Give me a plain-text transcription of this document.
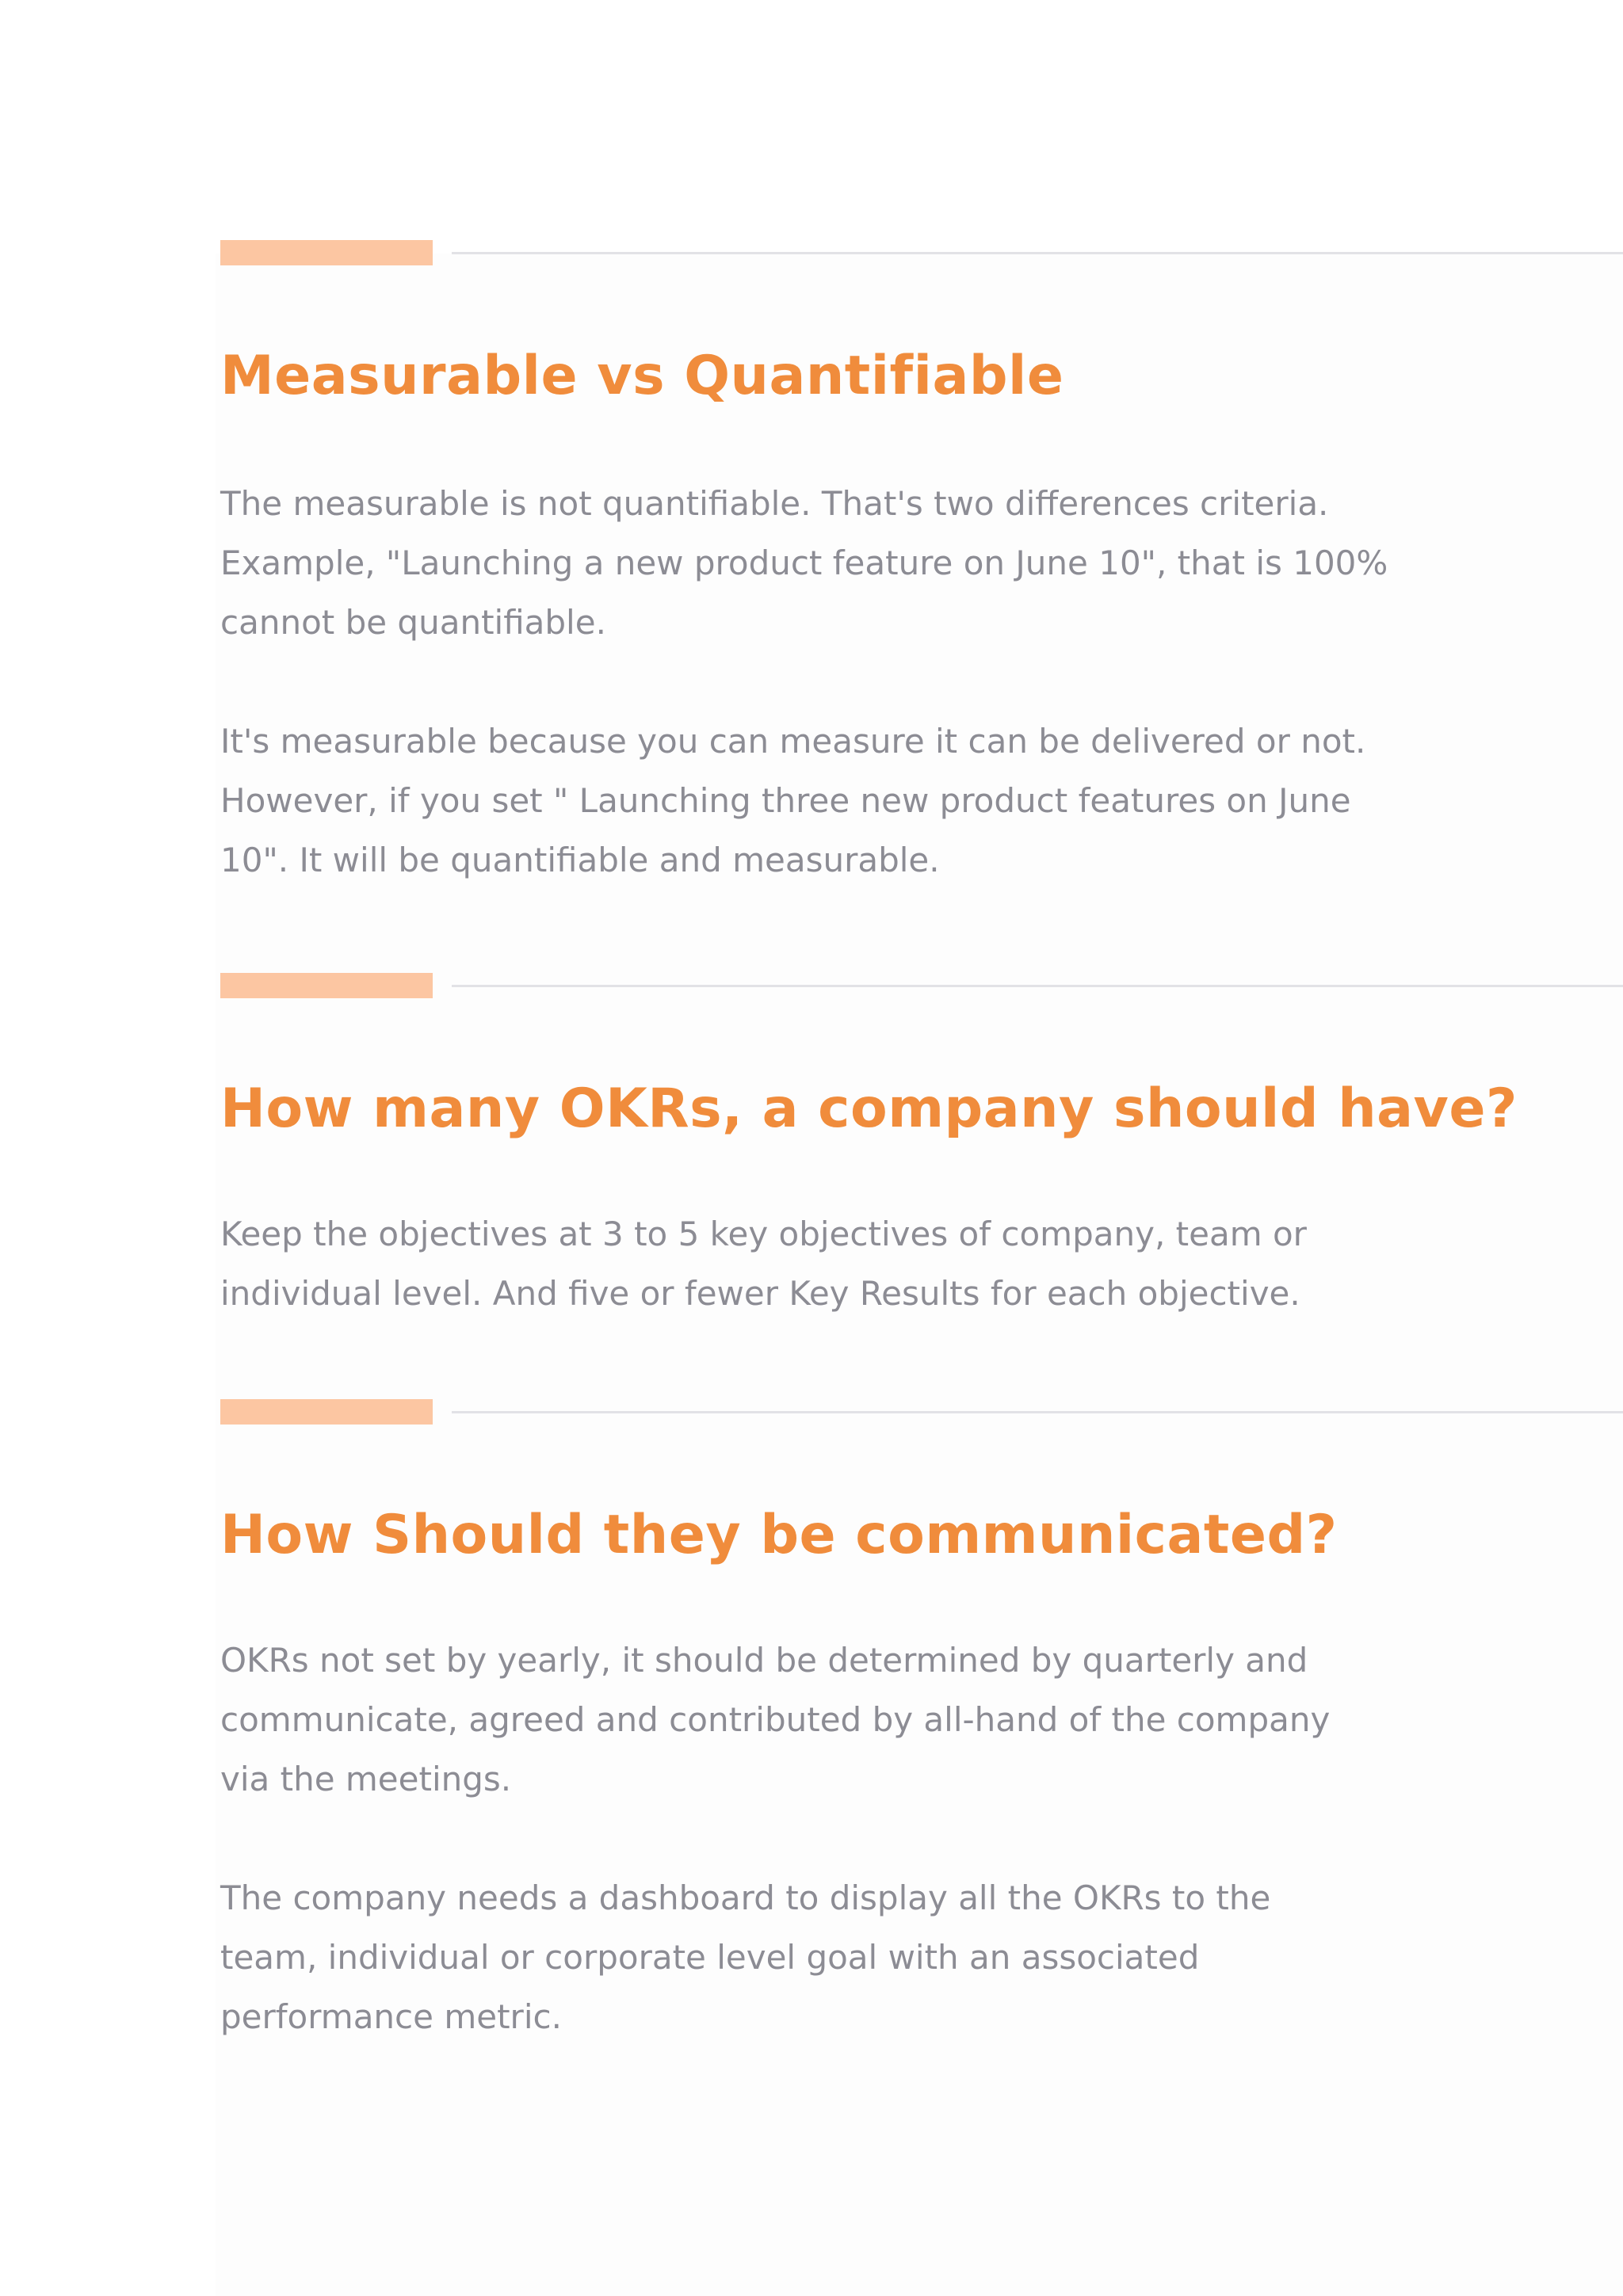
Measurable vs Quantifiable

The measurable is not quantifiable. That's two differences criteria.
Example, "Launching a new product feature on June 10", that is 100%
cannot be quantifiable.

It's measurable because you can measure it can be delivered or not.
However, if you set " Launching three new product features on June
10". It will be quantifiable and measurable.

How many OKRs, a company should have?

Keep the objectives at 3 to 5 key objectives of company, team or
individual level. And five or fewer Key Results for each objective.

How Should they be communicated?

OKRs not set by yearly, it should be determined by quarterly and
communicate, agreed and contributed by all-hand of the company
via the meetings.

The company needs a dashboard to display all the OKRs to the
team, individual or corporate level goal with an associated
performance metric.
